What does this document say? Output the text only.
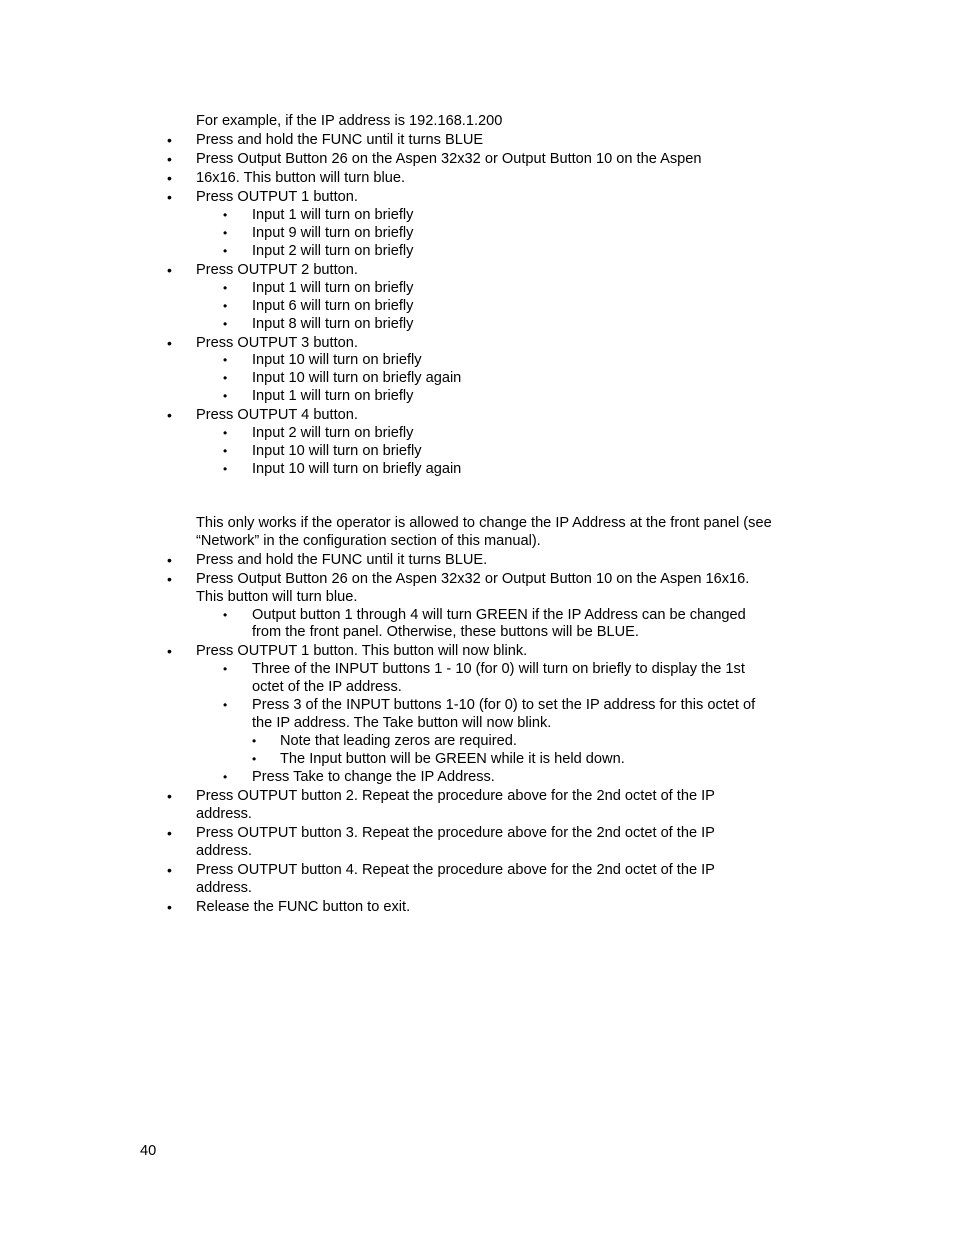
For example, if the IP address is 192.168.1.200
•	Press and hold the FUNC until it turns BLUE
•	Press Output Button 26 on the Aspen 32x32 or Output Button 10 on the Aspen
•	16x16. This button will turn blue.
•	Press OUTPUT 1 button.
•	Input 1 will turn on briefly
•	Input 9 will turn on briefly
•	Input 2 will turn on briefly
•	Press OUTPUT 2 button.
•	Input 1 will turn on briefly
•	Input 6 will turn on briefly
•	Input 8 will turn on briefly
•	Press OUTPUT 3 button.
•	Input 10 will turn on briefly
•	Input 10 will turn on briefly again
•	Input 1 will turn on briefly
•	Press OUTPUT 4 button.
•	Input 2 will turn on briefly
•	Input 10 will turn on briefly
•	Input 10 will turn on briefly again
This only works if the operator is allowed to change the IP Address at the front panel (see
“Network” in the configuration section of this manual).
•	Press and hold the FUNC until it turns BLUE.
•	Press Output Button 26 on the Aspen 32x32 or Output Button 10 on the Aspen 16x16.
This button will turn blue.
•	Output button 1 through 4 will turn GREEN if the IP Address can be changed
from the front panel. Otherwise, these buttons will be BLUE.
•	Press OUTPUT 1 button. This button will now blink.
•	Three of the INPUT buttons 1 - 10 (for 0) will turn on briefly to display the 1st
octet of the IP address.
•	Press 3 of the INPUT buttons 1-10 (for 0) to set the IP address for this octet of
the IP address. The Take button will now blink.
•	Note that leading zeros are required.
•	The Input button will be GREEN while it is held down.
•	Press Take to change the IP Address.
•	Press OUTPUT button 2. Repeat the procedure above for the 2nd octet of the IP
address.
•	Press OUTPUT button 3. Repeat the procedure above for the 2nd octet of the IP
address.
•	Press OUTPUT button 4. Repeat the procedure above for the 2nd octet of the IP
address.
•	Release the FUNC button to exit.
40
